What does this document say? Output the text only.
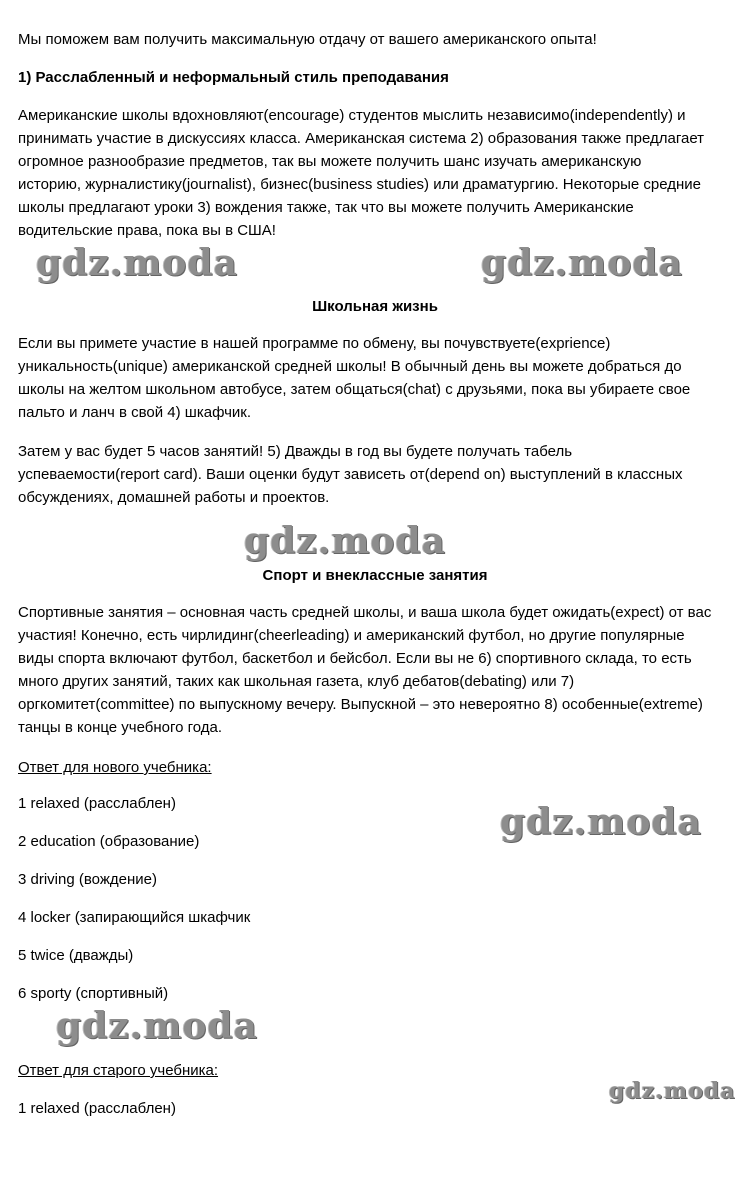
Мы поможем вам получить максимальную отдачу от вашего американского опыта!
1) Расслабленный и неформальный стиль преподавания
Американские школы вдохновляют(encourage) студентов мыслить независимо(independently) и
принимать участие в дискуссиях класса. Американская система 2) образования также предлагает
огромное разнообразие предметов, так вы можете получить шанс изучать американскую
историю, журналистику(journalist), бизнес(business studies) или драматургию. Некоторые средние
школы предлагают уроки 3) вождения также, так что вы можете получить Американские
водительские права, пока вы в США!
Школьная жизнь
Если вы примете участие в нашей программе по обмену, вы почувствуете(exprience)
уникальность(unique) американской средней школы! В обычный день вы можете добраться до
школы на желтом школьном автобусе, затем общаться(chat) с друзьями, пока вы убираете свое
пальто и ланч в свой 4) шкафчик.
Затем у вас будет 5 часов занятий! 5) Дважды в год вы будете получать табель
успеваемости(report card). Ваши оценки будут зависеть от(depend on) выступлений в классных
обсуждениях, домашней работы и проектов.
Спорт и внеклассные занятия
Спортивные занятия – основная часть средней школы, и ваша школа будет ожидать(expect) от вас
участия! Конечно, есть чирлидинг(cheerleading) и американский футбол, но другие популярные
виды спорта включают футбол, баскетбол и бейсбол. Если вы не 6) спортивного склада, то есть
много других занятий, таких как школьная газета, клуб дебатов(debating) или 7)
оргкомитет(committee) по выпускному вечеру. Выпускной – это невероятно 8) особенные(extreme)
танцы в конце учебного года.
Ответ для нового учебника:
1 relaxed (расслаблен)
2 education (образование)
3 driving (вождение)
4 locker (запирающийся шкафчик
5 twice (дважды)
6 sporty (спортивный)
Ответ для старого учебника:
1 relaxed (расслаблен)
gdz.moda	gdz.moda
gdz.moda
gdz.moda
gdz.moda
gdz.moda
